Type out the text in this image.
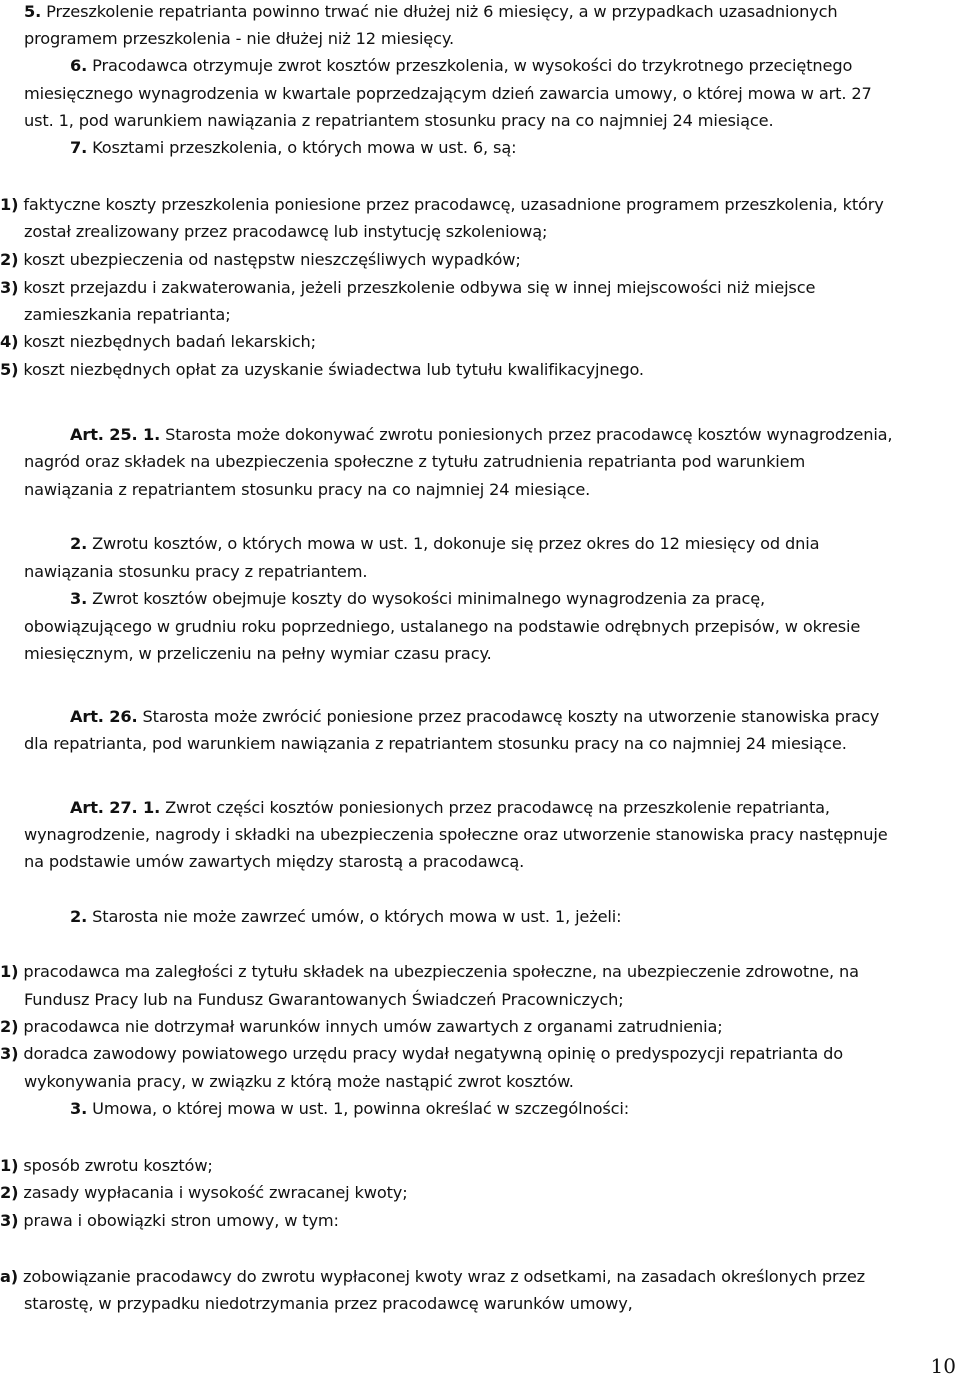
5. Przeszkolenie repatrianta powinno trwać nie dłużej niż 6 miesięcy, a w przypadkach uzasadnionych
programem przeszkolenia - nie dłużej niż 12 miesięcy.
6. Pracodawca otrzymuje zwrot kosztów przeszkolenia, w wysokości do trzykrotnego przeciętnego
miesięcznego wynagrodzenia w kwartale poprzedzającym dzień zawarcia umowy, o której mowa w art. 27
ust. 1, pod warunkiem nawiązania z repatriantem stosunku pracy na co najmniej 24 miesiące.
7. Kosztami przeszkolenia, o których mowa w ust. 6, są:
1) faktyczne koszty przeszkolenia poniesione przez pracodawcę, uzasadnione programem przeszkolenia, który
został zrealizowany przez pracodawcę lub instytucję szkoleniową;
2) koszt ubezpieczenia od następstw nieszczęśliwych wypadków;
3) koszt przejazdu i zakwaterowania, jeżeli przeszkolenie odbywa się w innej miejscowości niż miejsce
zamieszkania repatrianta;
4) koszt niezbędnych badań lekarskich;
5) koszt niezbędnych opłat za uzyskanie świadectwa lub tytułu kwalifikacyjnego.
Art. 25. 1. Starosta może dokonywać zwrotu poniesionych przez pracodawcę kosztów wynagrodzenia,
nagród oraz składek na ubezpieczenia społeczne z tytułu zatrudnienia repatrianta pod warunkiem
nawiązania z repatriantem stosunku pracy na co najmniej 24 miesiące.
2. Zwrotu kosztów, o których mowa w ust. 1, dokonuje się przez okres do 12 miesięcy od dnia
nawiązania stosunku pracy z repatriantem.
3. Zwrot kosztów obejmuje koszty do wysokości minimalnego wynagrodzenia za pracę,
obowiązującego w grudniu roku poprzedniego, ustalanego na podstawie odrębnych przepisów, w okresie
miesięcznym, w przeliczeniu na pełny wymiar czasu pracy.
Art. 26. Starosta może zwrócić poniesione przez pracodawcę koszty na utworzenie stanowiska pracy
dla repatrianta, pod warunkiem nawiązania z repatriantem stosunku pracy na co najmniej 24 miesiące.
Art. 27. 1. Zwrot części kosztów poniesionych przez pracodawcę na przeszkolenie repatrianta,
wynagrodzenie, nagrody i składki na ubezpieczenia społeczne oraz utworzenie stanowiska pracy następnuje
na podstawie umów zawartych między starostą a pracodawcą.
2. Starosta nie może zawrzeć umów, o których mowa w ust. 1, jeżeli:
1) pracodawca ma zaległości z tytułu składek na ubezpieczenia społeczne, na ubezpieczenie zdrowotne, na
Fundusz Pracy lub na Fundusz Gwarantowanych Świadczeń Pracowniczych;
2) pracodawca nie dotrzymał warunków innych umów zawartych z organami zatrudnienia;
3) doradca zawodowy powiatowego urzędu pracy wydał negatywną opinię o predyspozycji repatrianta do
wykonywania pracy, w związku z którą może nastąpić zwrot kosztów.
3. Umowa, o której mowa w ust. 1, powinna określać w szczególności:
1) sposób zwrotu kosztów;
2) zasady wypłacania i wysokość zwracanej kwoty;
3) prawa i obowiązki stron umowy, w tym:
a) zobowiązanie pracodawcy do zwrotu wypłaconej kwoty wraz z odsetkami, na zasadach określonych przez
starostę, w przypadku niedotrzymania przez pracodawcę warunków umowy,
10
